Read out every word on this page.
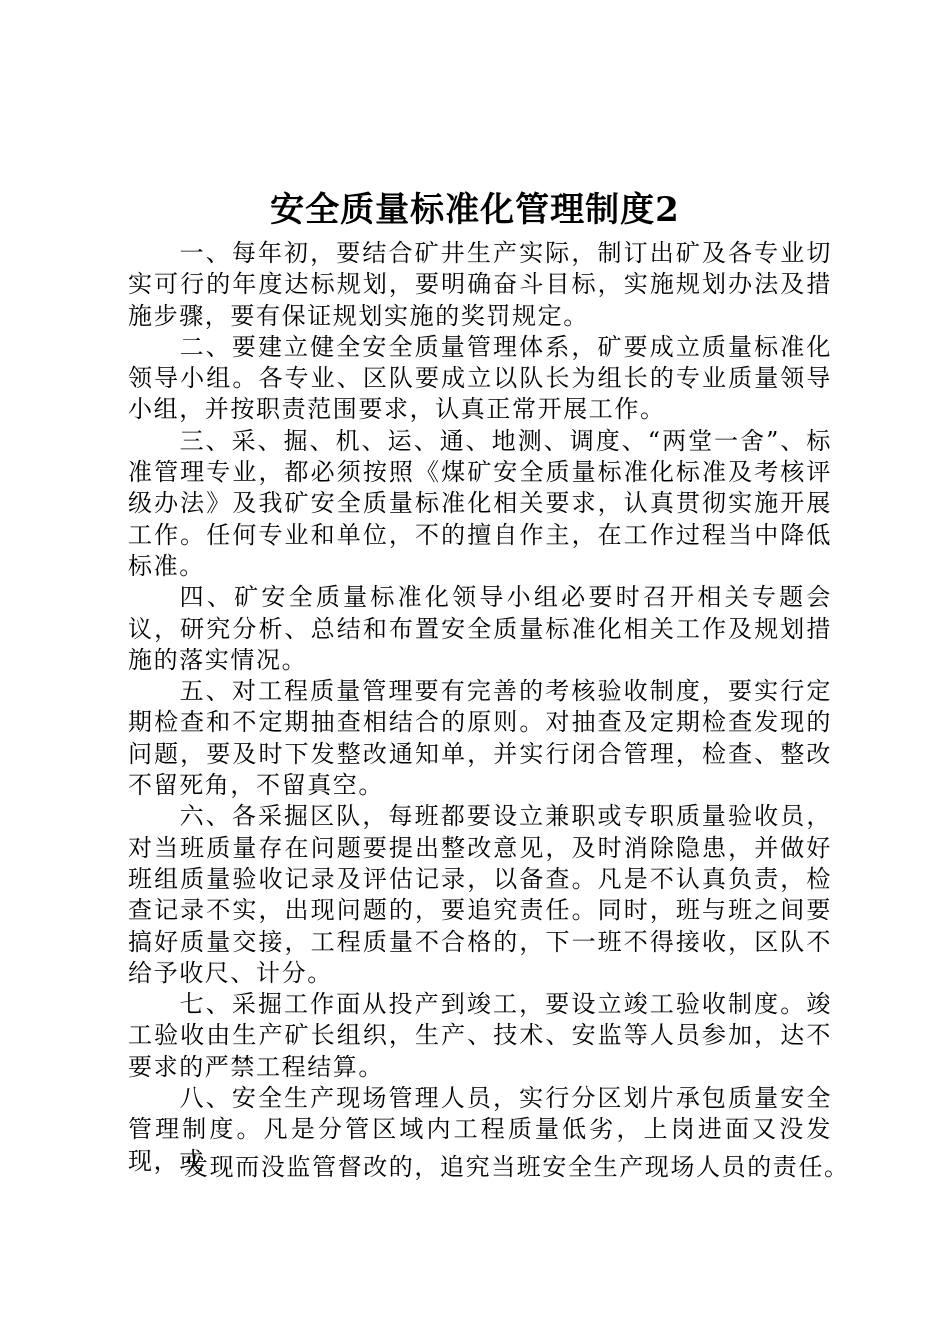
安全质量标准化管理制度2

一、每年初，要结合矿井生产实际，制订出矿及各专业切实可行的年度达标规划，要明确奋斗目标，实施规划办法及措施步骤，要有保证规划实施的奖罚规定。

二、要建立健全安全质量管理体系，矿要成立质量标准化领导小组。各专业、区队要成立以队长为组长的专业质量领导小组，并按职责范围要求，认真正常开展工作。

三、采、掘、机、运、通、地测、调度、“两堂一舍”、标准管理专业，都必须按照《煤矿安全质量标准化标准及考核评级办法》及我矿安全质量标准化相关要求，认真贯彻实施开展工作。任何专业和单位，不的擅自作主，在工作过程当中降低标准。

四、矿安全质量标准化领导小组必要时召开相关专题会议，研究分析、总结和布置安全质量标准化相关工作及规划措施的落实情况。

五、对工程质量管理要有完善的考核验收制度，要实行定期检查和不定期抽查相结合的原则。对抽查及定期检查发现的问题，要及时下发整改通知单，并实行闭合管理，检查、整改不留死角，不留真空。

六、各采掘区队，每班都要设立兼职或专职质量验收员，对当班质量存在问题要提出整改意见，及时消除隐患，并做好班组质量验收记录及评估记录，以备查。凡是不认真负责，检查记录不实，出现问题的，要追究责任。同时，班与班之间要搞好质量交接，工程质量不合格的，下一班不得接收，区队不给予收尺、计分。

七、采掘工作面从投产到竣工，要设立竣工验收制度。竣工验收由生产矿长组织，生产、技术、安监等人员参加，达不要求的严禁工程结算。

八、安全生产现场管理人员，实行分区划片承包质量安全管理制度。凡是分管区域内工程质量低劣，上岗进面又没发现，或

发现而没监管督改的，追究当班安全生产现场人员的责任。
